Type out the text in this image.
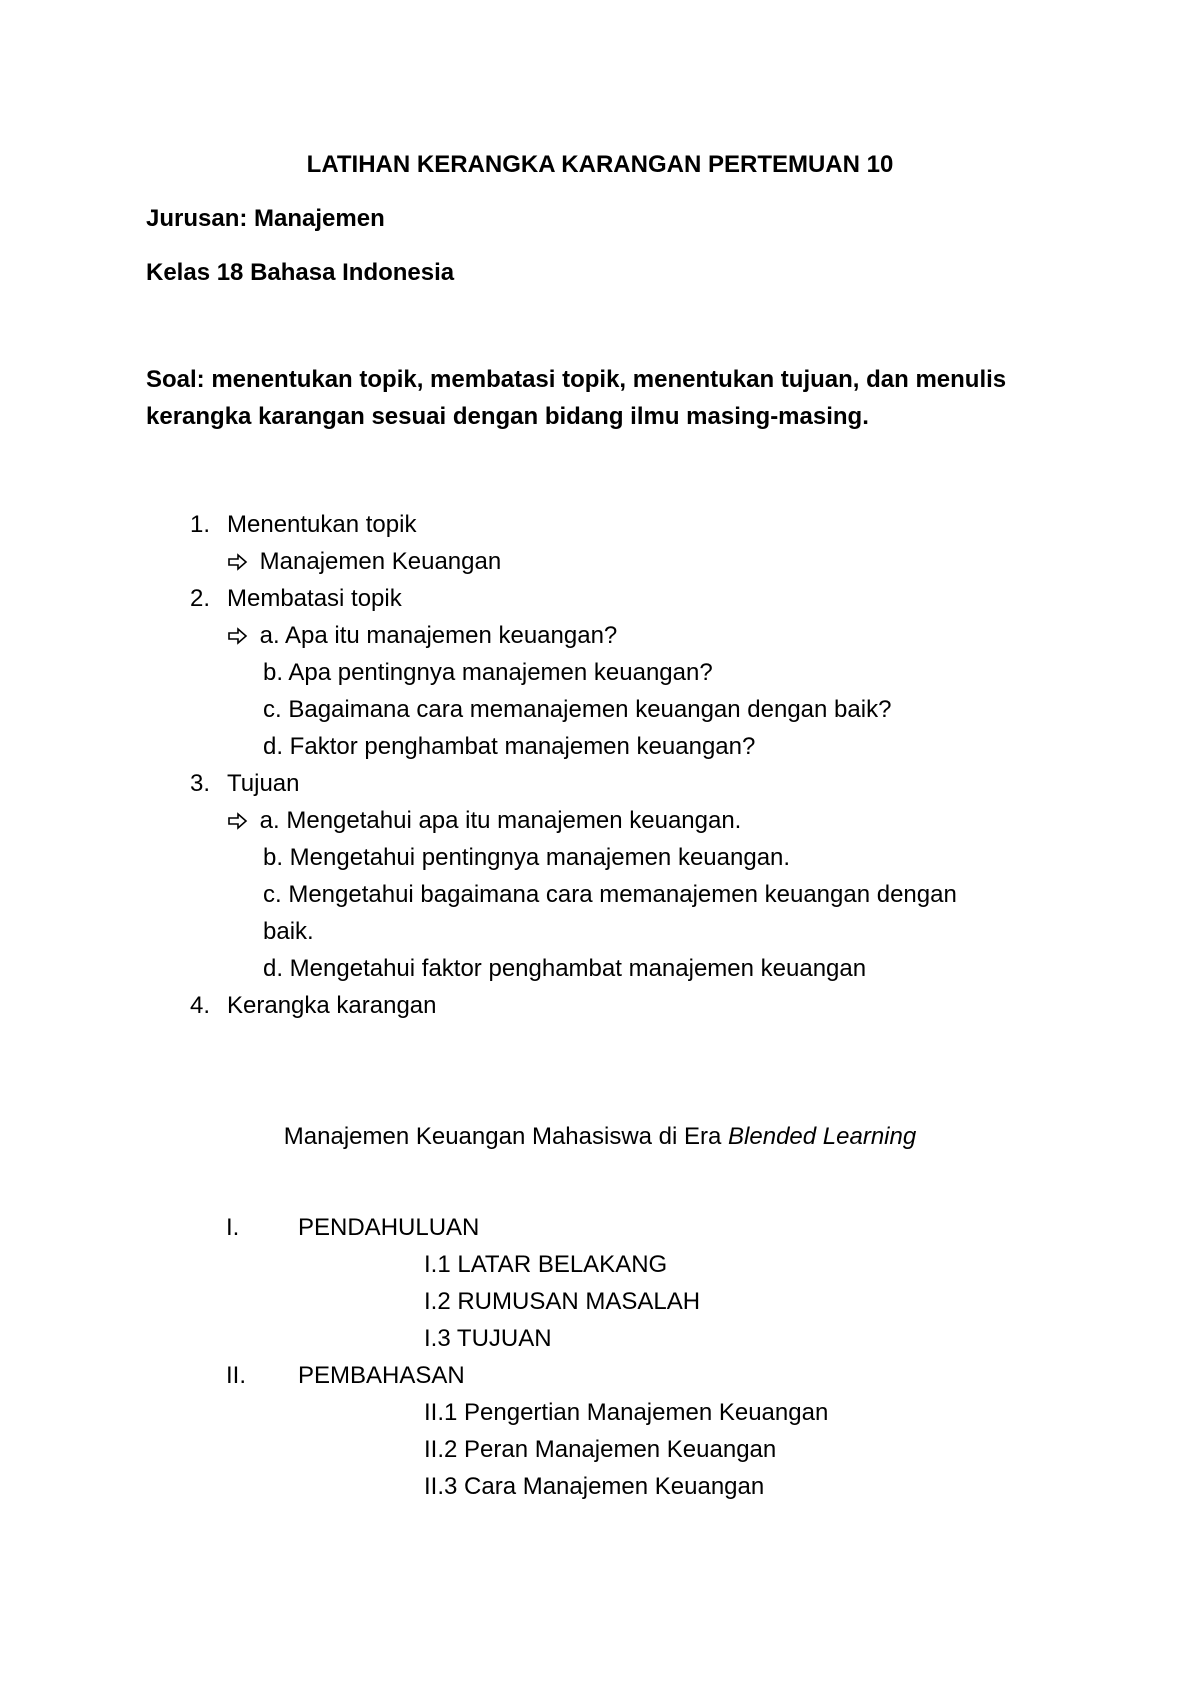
LATIHAN KERANGKA KARANGAN PERTEMUAN 10
Jurusan: Manajemen
Kelas 18 Bahasa Indonesia
Soal: menentukan topik, membatasi topik, menentukan tujuan, dan menulis
kerangka karangan sesuai dengan bidang ilmu masing-masing.
1. Menentukan topik
Manajemen Keuangan
2. Membatasi topik
a. Apa itu manajemen keuangan?
b. Apa pentingnya manajemen keuangan?
c. Bagaimana cara memanajemen keuangan dengan baik?
d. Faktor penghambat manajemen keuangan?
3. Tujuan
a. Mengetahui apa itu manajemen keuangan.
b. Mengetahui pentingnya manajemen keuangan.
c. Mengetahui bagaimana cara memanajemen keuangan dengan
baik.
d. Mengetahui faktor penghambat manajemen keuangan
4. Kerangka karangan
Manajemen Keuangan Mahasiswa di Era Blended Learning
I. PENDAHULUAN
I.1 LATAR BELAKANG
I.2 RUMUSAN MASALAH
I.3 TUJUAN
II. PEMBAHASAN
II.1 Pengertian Manajemen Keuangan
II.2 Peran Manajemen Keuangan
II.3 Cara Manajemen Keuangan
